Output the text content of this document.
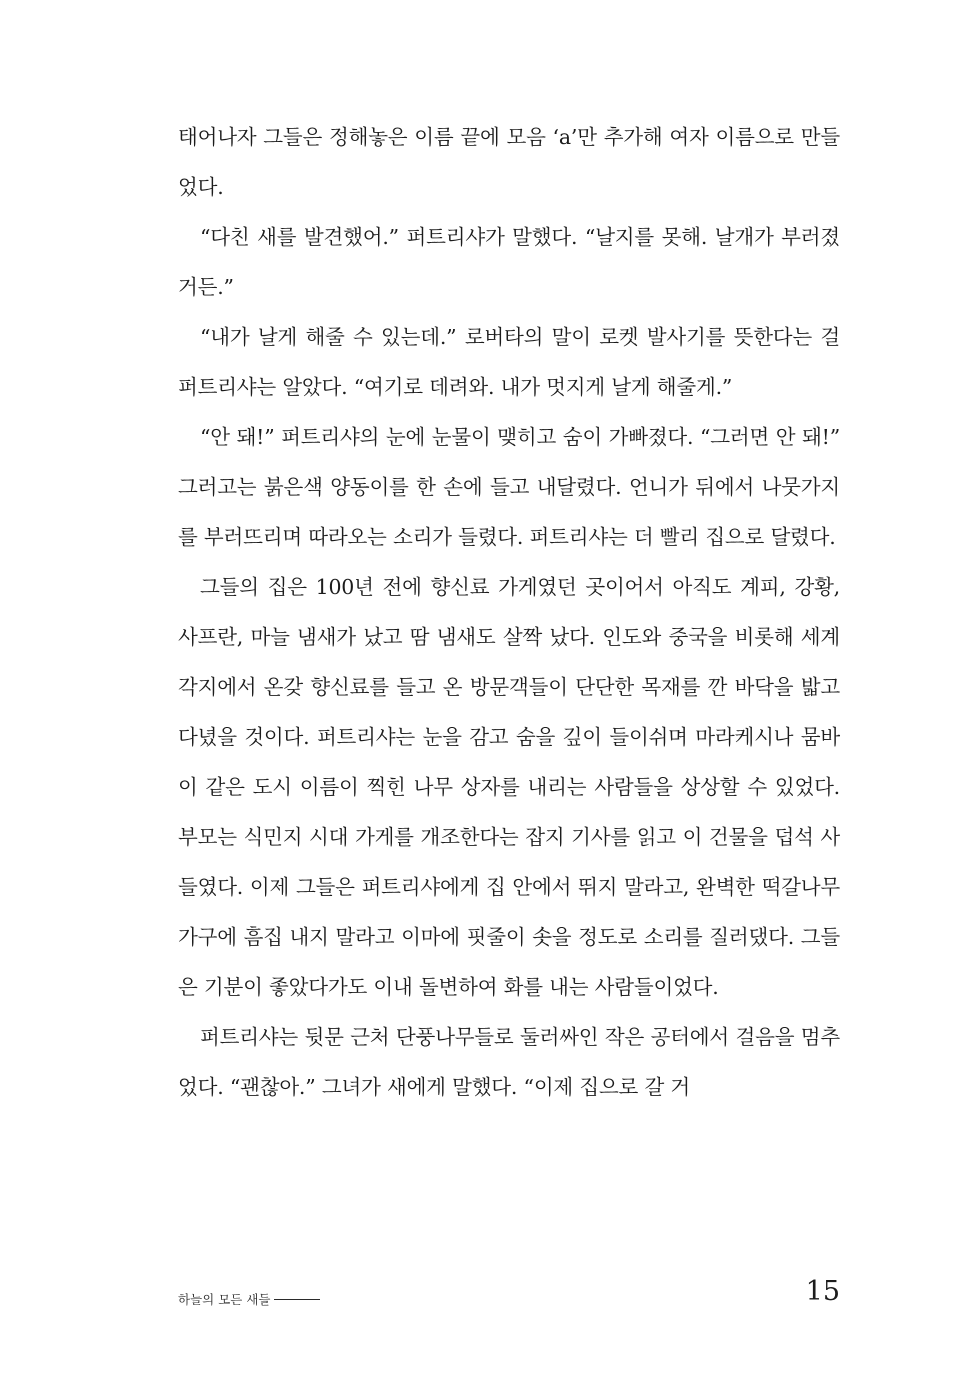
태어나자 그들은 정해놓은 이름 끝에 모음 ‘a’만 추가해 여자 이름으로 만들었다.

“다친 새를 발견했어.” 퍼트리샤가 말했다. “날지를 못해. 날개가 부러졌거든.”

“내가 날게 해줄 수 있는데.” 로버타의 말이 로켓 발사기를 뜻한다는 걸 퍼트리샤는 알았다. “여기로 데려와. 내가 멋지게 날게 해줄게.”

“안 돼!” 퍼트리샤의 눈에 눈물이 맺히고 숨이 가빠졌다. “그러면 안 돼!” 그러고는 붉은색 양동이를 한 손에 들고 내달렸다. 언니가 뒤에서 나뭇가지를 부러뜨리며 따라오는 소리가 들렸다. 퍼트리샤는 더 빨리 집으로 달렸다.

그들의 집은 100년 전에 향신료 가게였던 곳이어서 아직도 계피, 강황, 사프란, 마늘 냄새가 났고 땀 냄새도 살짝 났다. 인도와 중국을 비롯해 세계 각지에서 온갖 향신료를 들고 온 방문객들이 단단한 목재를 깐 바닥을 밟고 다녔을 것이다. 퍼트리샤는 눈을 감고 숨을 깊이 들이쉬며 마라케시나 뭄바이 같은 도시 이름이 찍힌 나무 상자를 내리는 사람들을 상상할 수 있었다. 부모는 식민지 시대 가게를 개조한다는 잡지 기사를 읽고 이 건물을 덥석 사들였다. 이제 그들은 퍼트리샤에게 집 안에서 뛰지 말라고, 완벽한 떡갈나무 가구에 흠집 내지 말라고 이마에 핏줄이 솟을 정도로 소리를 질러댔다. 그들은 기분이 좋았다가도 이내 돌변하여 화를 내는 사람들이었다.

퍼트리샤는 뒷문 근처 단풍나무들로 둘러싸인 작은 공터에서 걸음을 멈추었다. “괜찮아.” 그녀가 새에게 말했다. “이제 집으로 갈 거

하늘의 모든 새들	15
